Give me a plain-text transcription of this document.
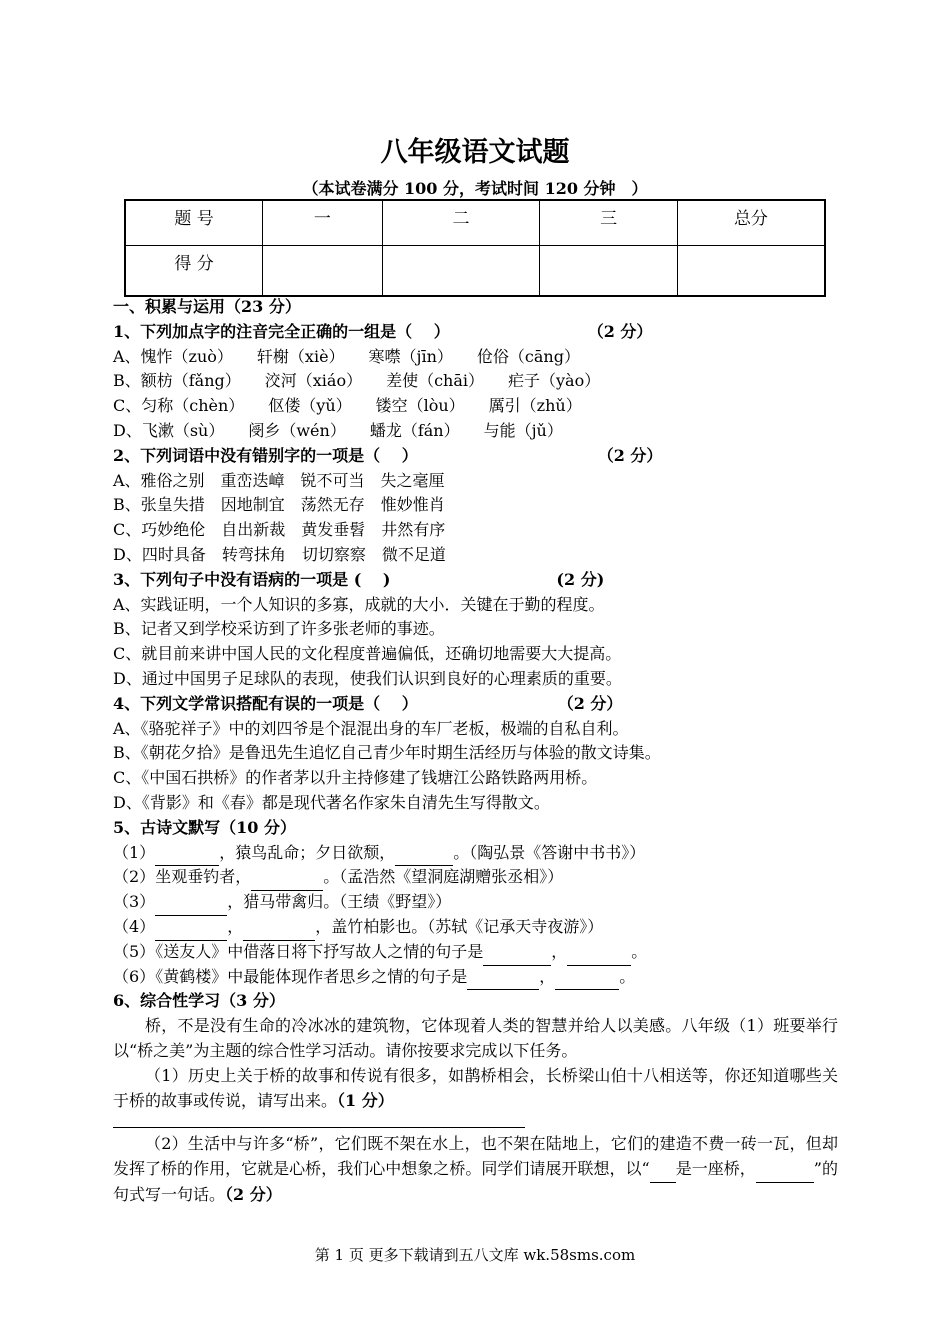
八年级语文试题
（本试卷满分 100 分，考试时间 120 分钟　）
题 号	一	二	三	总分
得 分				
一、积累与运用（23 分）
1、下列加点字的注音完全正确的一组是（　 ）	（2 分）
A、愧怍（zuò）　　轩榭（xiè）　　寒噤（jīn）　　伧俗（cāng）
B、额枋（fǎng）　　洨河（xiáo）　　差使（chāi）　　疟子（yào）
C、匀称（chèn）　　伛偻（yǔ）　　镂空（lòu）　　厲引（zhǔ）
D、飞漱（sù）　　阌乡（wén）　　蟠龙（fán）　　与能（jǔ）
2、下列词语中没有错别字的一项是（　 ）	（2 分）
A、雅俗之别　重峦迭嶂　锐不可当　失之毫厘
B、张皇失措　因地制宜　荡然无存　惟妙惟肖
C、巧妙绝伦　自出新裁　黄发垂髫　井然有序
D、四时具备　转弯抹角　切切察察　微不足道
3、下列句子中没有语病的一项是 (　 )	(2 分)
A、实践证明，一个人知识的多寡，成就的大小．关键在于勤的程度。
B、记者又到学校采访到了许多张老师的事迹。
C、就目前来讲中国人民的文化程度普遍偏低，还确切地需要大大提高。
D、通过中国男子足球队的表现，使我们认识到良好的心理素质的重要。
4、下列文学常识搭配有误的一项是（　 ）	（2 分）
A、《骆驼祥子》中的刘四爷是个混混出身的车厂老板，极端的自私自利。
B、《朝花夕拾》是鲁迅先生追忆自己青少年时期生活经历与体验的散文诗集。
C、《中国石拱桥》的作者茅以升主持修建了钱塘江公路铁路两用桥。
D、《背影》和《春》都是现代著名作家朱自清先生写得散文。
5、古诗文默写（10 分）
（1）	，猿鸟乱命；夕日欲颓，	。（陶弘景《答谢中书书》）
（2）坐观垂钓者，	。（孟浩然《望洞庭湖赠张丞相》）
（3）	，猎马带禽归。（王绩《野望》）
（4）	，	，盖竹柏影也。（苏轼《记承天寺夜游》）
（5）《送友人》中借落日将下抒写故人之情的句子是	，	。
（6）《黄鹤楼》中最能体现作者思乡之情的句子是	，	。
6、综合性学习（3 分）
桥，不是没有生命的冷冰冰的建筑物，它体现着人类的智慧并给人以美感。八年级（1）班要举行以“桥之美”为主题的综合性学习活动。请你按要求完成以下任务。
（1）历史上关于桥的故事和传说有很多，如鹊桥相会，长桥梁山伯十八相送等，你还知道哪些关于桥的故事或传说，请写出来。（1 分）
（2）生活中与许多“桥”，它们既不架在水上，也不架在陆地上，它们的建造不费一砖一瓦，但却发挥了桥的作用，它就是心桥，我们心中想象之桥。同学们请展开联想，以“ 是一座桥，	”的句式写一句话。（2 分）
第 1 页 更多下载请到五八文库 wk.58sms.com
